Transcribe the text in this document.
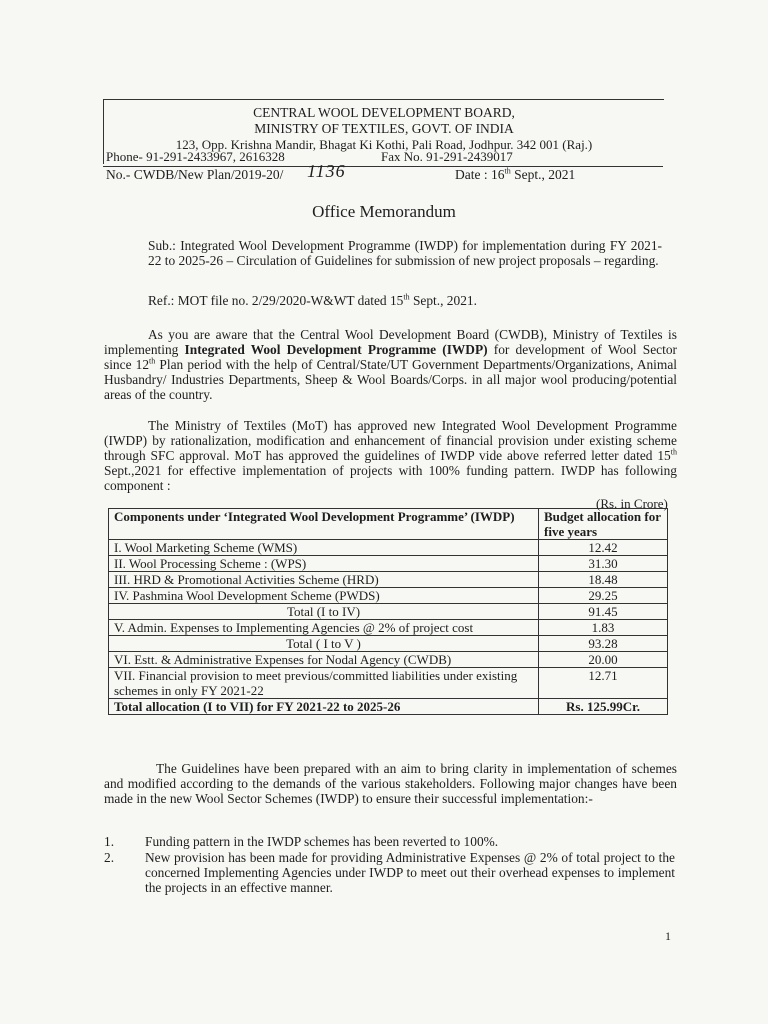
CENTRAL WOOL DEVELOPMENT BOARD,
MINISTRY OF TEXTILES, GOVT. OF INDIA
123, Opp. Krishna Mandir, Bhagat Ki Kothi, Pali Road, Jodhpur. 342 001 (Raj.)
Phone- 91-291-2433967, 2616328	Fax No. 91-291-2439017
No.- CWDB/New Plan/2019-20/ 1136	Date : 16th Sept., 2021
Office Memorandum
Sub.: Integrated Wool Development Programme (IWDP) for implementation during FY 2021-22 to 2025-26 – Circulation of Guidelines for submission of new project proposals – regarding.
Ref.: MOT file no. 2/29/2020-W&WT dated 15th Sept., 2021.
As you are aware that the Central Wool Development Board (CWDB), Ministry of Textiles is implementing Integrated Wool Development Programme (IWDP) for development of Wool Sector since 12th Plan period with the help of Central/State/UT Government Departments/Organizations, Animal Husbandry/ Industries Departments, Sheep & Wool Boards/Corps. in all major wool producing/potential areas of the country.
The Ministry of Textiles (MoT) has approved new Integrated Wool Development Programme (IWDP) by rationalization, modification and enhancement of financial provision under existing scheme through SFC approval. MoT has approved the guidelines of IWDP vide above referred letter dated 15th Sept.,2021 for effective implementation of projects with 100% funding pattern. IWDP has following component :
(Rs. in Crore)
Components under ‘Integrated Wool Development Programme’ (IWDP)	Budget allocation for five years
I. Wool Marketing Scheme (WMS)	12.42
II. Wool Processing Scheme : (WPS)	31.30
III. HRD & Promotional Activities Scheme (HRD)	18.48
IV. Pashmina Wool Development Scheme (PWDS)	29.25
Total (I to IV)	91.45
V. Admin. Expenses to Implementing Agencies @ 2% of project cost	1.83
Total ( I to V )	93.28
VI. Estt. & Administrative Expenses for Nodal Agency (CWDB)	20.00
VII. Financial provision to meet previous/committed liabilities under existing schemes in only FY 2021-22	12.71
Total allocation (I to VII) for FY 2021-22 to 2025-26	Rs. 125.99Cr.
The Guidelines have been prepared with an aim to bring clarity in implementation of schemes and modified according to the demands of the various stakeholders. Following major changes have been made in the new Wool Sector Schemes (IWDP) to ensure their successful implementation:-
1. Funding pattern in the IWDP schemes has been reverted to 100%.
2. New provision has been made for providing Administrative Expenses @ 2% of total project to the concerned Implementing Agencies under IWDP to meet out their overhead expenses to implement the projects in an effective manner.
1
